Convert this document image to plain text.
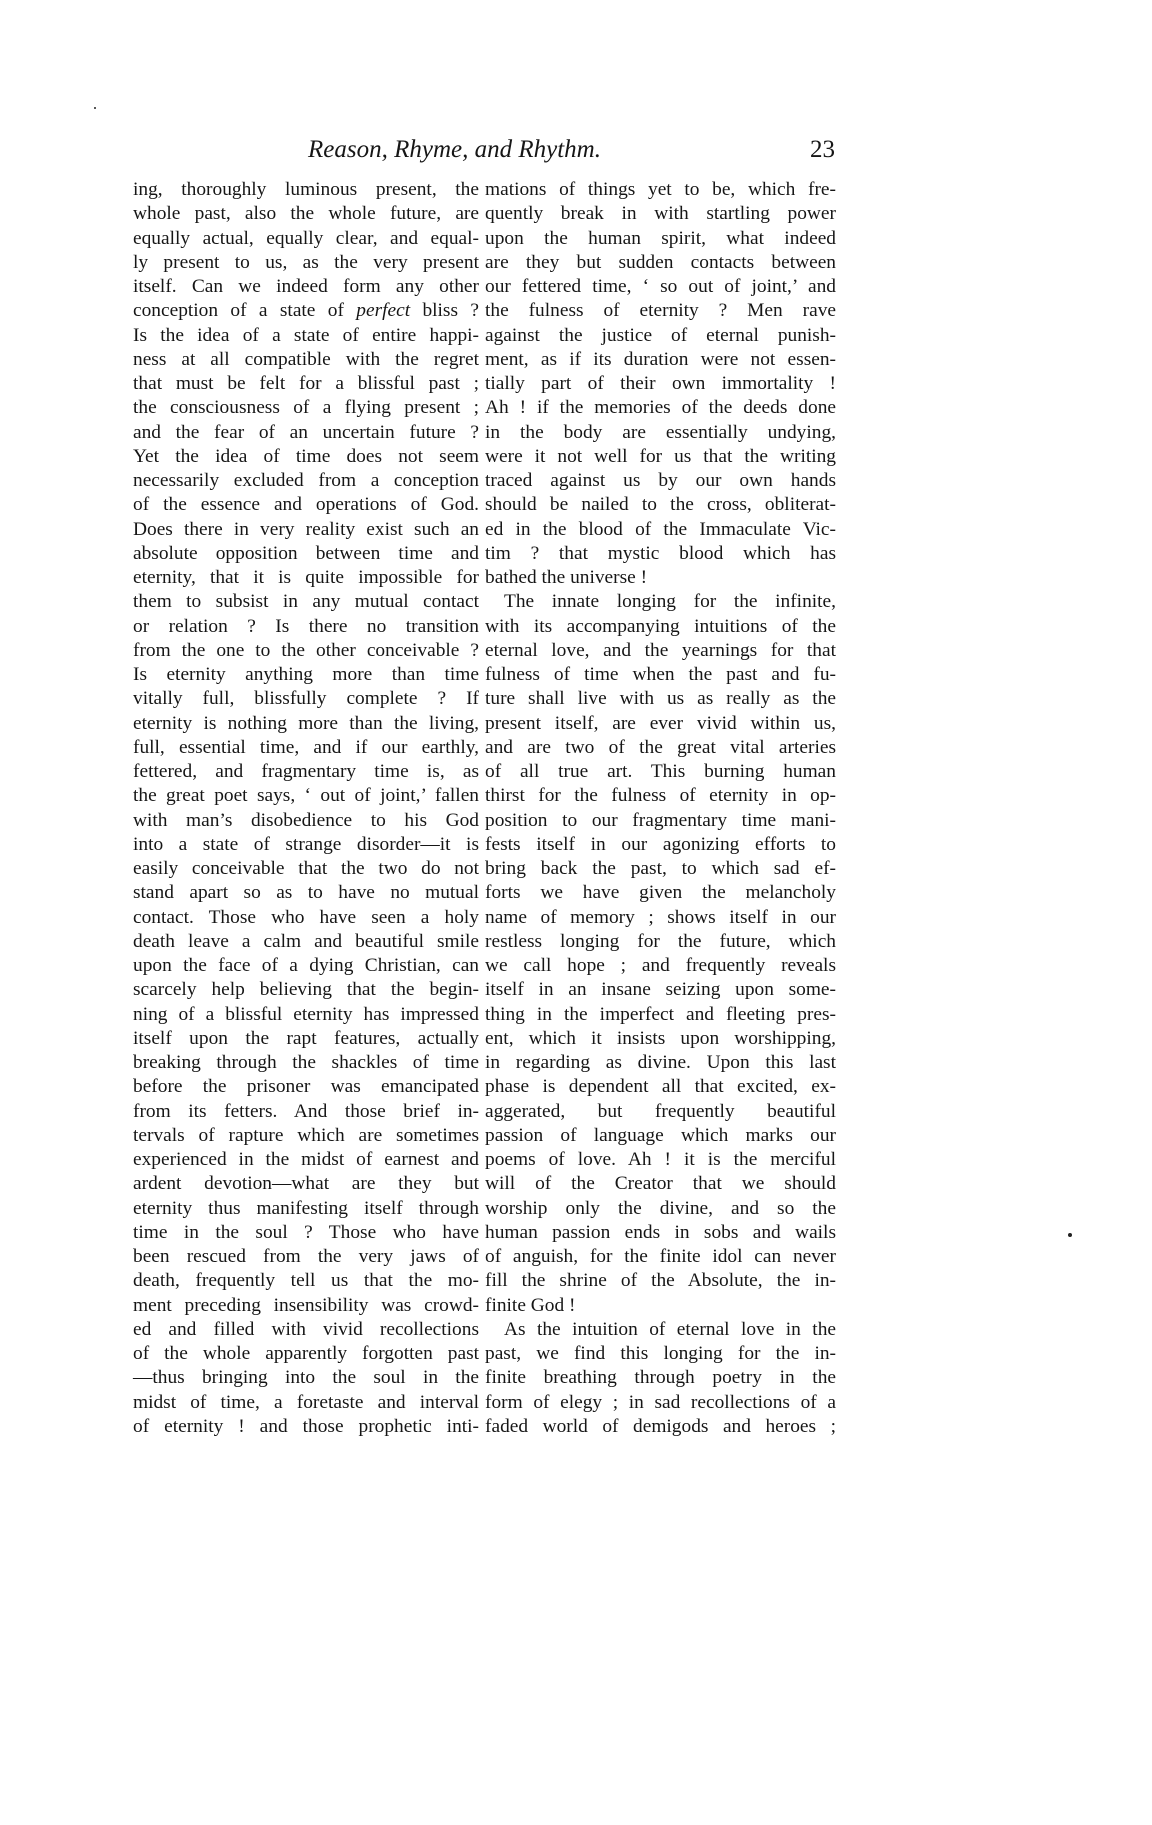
Reason, Rhyme, and Rhythm.	23
ing, thoroughly luminous present, the
whole past, also the whole future, are
equally actual, equally clear, and equal-
ly present to us, as the very present
itself. Can we indeed form any other
conception of a state of perfect bliss ?
Is the idea of a state of entire happi-
ness at all compatible with the regret
that must be felt for a blissful past ;
the consciousness of a flying present ;
and the fear of an uncertain future ?
Yet the idea of time does not seem
necessarily excluded from a conception
of the essence and operations of God.
Does there in very reality exist such an
absolute opposition between time and
eternity, that it is quite impossible for
them to subsist in any mutual contact
or relation ? Is there no transition
from the one to the other conceivable ?
Is eternity anything more than time
vitally full, blissfully complete ? If
eternity is nothing more than the living,
full, essential time, and if our earthly,
fettered, and fragmentary time is, as
the great poet says, ‘ out of joint,’ fallen
with man’s disobedience to his God
into a state of strange disorder—it is
easily conceivable that the two do not
stand apart so as to have no mutual
contact. Those who have seen a holy
death leave a calm and beautiful smile
upon the face of a dying Christian, can
scarcely help believing that the begin-
ning of a blissful eternity has impressed
itself upon the rapt features, actually
breaking through the shackles of time
before the prisoner was emancipated
from its fetters. And those brief in-
tervals of rapture which are sometimes
experienced in the midst of earnest and
ardent devotion—what are they but
eternity thus manifesting itself through
time in the soul ? Those who have
been rescued from the very jaws of
death, frequently tell us that the mo-
ment preceding insensibility was crowd-
ed and filled with vivid recollections
of the whole apparently forgotten past
—thus bringing into the soul in the
midst of time, a foretaste and interval
of eternity ! and those prophetic inti-
mations of things yet to be, which fre-
quently break in with startling power
upon the human spirit, what indeed
are they but sudden contacts between
our fettered time, ‘ so out of joint,’ and
the fulness of eternity ? Men rave
against the justice of eternal punish-
ment, as if its duration were not essen-
tially part of their own immortality !
Ah ! if the memories of the deeds done
in the body are essentially undying,
were it not well for us that the writing
traced against us by our own hands
should be nailed to the cross, obliterat-
ed in the blood of the Immaculate Vic-
tim ? that mystic blood which has
bathed the universe !
The innate longing for the infinite,
with its accompanying intuitions of the
eternal love, and the yearnings for that
fulness of time when the past and fu-
ture shall live with us as really as the
present itself, are ever vivid within us,
and are two of the great vital arteries
of all true art. This burning human
thirst for the fulness of eternity in op-
position to our fragmentary time mani-
fests itself in our agonizing efforts to
bring back the past, to which sad ef-
forts we have given the melancholy
name of memory ; shows itself in our
restless longing for the future, which
we call hope ; and frequently reveals
itself in an insane seizing upon some-
thing in the imperfect and fleeting pres-
ent, which it insists upon worshipping,
in regarding as divine. Upon this last
phase is dependent all that excited, ex-
aggerated, but frequently beautiful
passion of language which marks our
poems of love. Ah ! it is the merciful
will of the Creator that we should
worship only the divine, and so the
human passion ends in sobs and wails
of anguish, for the finite idol can never
fill the shrine of the Absolute, the in-
finite God !
As the intuition of eternal love in the
past, we find this longing for the in-
finite breathing through poetry in the
form of elegy ; in sad recollections of a
faded world of demigods and heroes ;
